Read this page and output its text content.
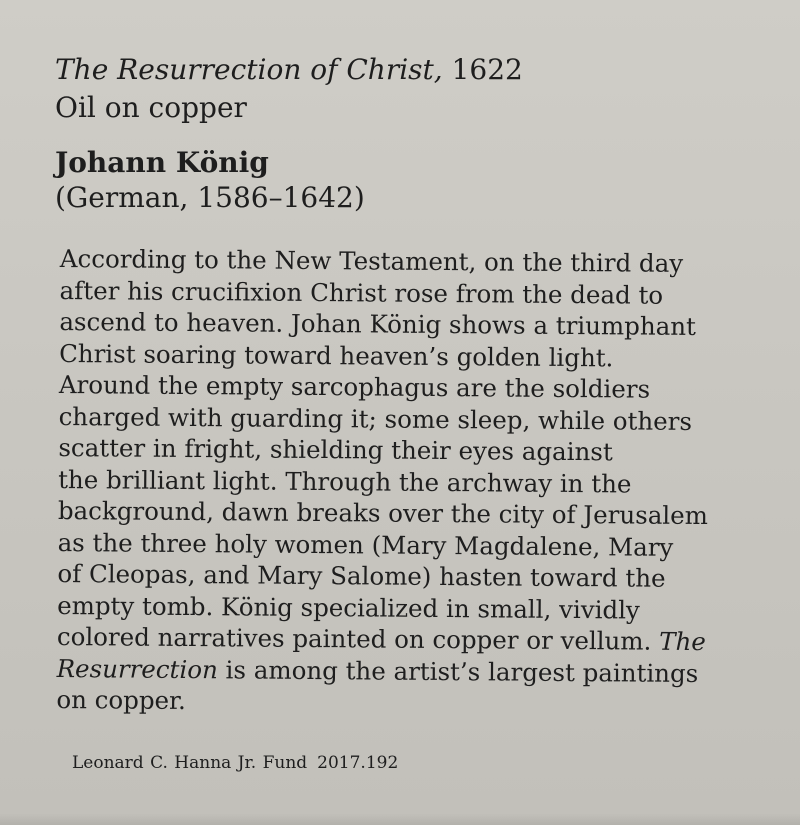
The Resurrection of Christ, 1622
Oil on copper
Johann König
(German, 1586–1642)
According to the New Testament, on the third day
after his crucifixion Christ rose from the dead to
ascend to heaven. Johan König shows a triumphant
Christ soaring toward heaven’s golden light.
Around the empty sarcophagus are the soldiers
charged with guarding it; some sleep, while others
scatter in fright, shielding their eyes against
the brilliant light. Through the archway in the
background, dawn breaks over the city of Jerusalem
as the three holy women (Mary Magdalene, Mary
of Cleopas, and Mary Salome) hasten toward the
empty tomb. König specialized in small, vividly
colored narratives painted on copper or vellum. The
Resurrection is among the artist’s largest paintings
on copper.
Leonard C. Hanna Jr. Fund 2017.192
